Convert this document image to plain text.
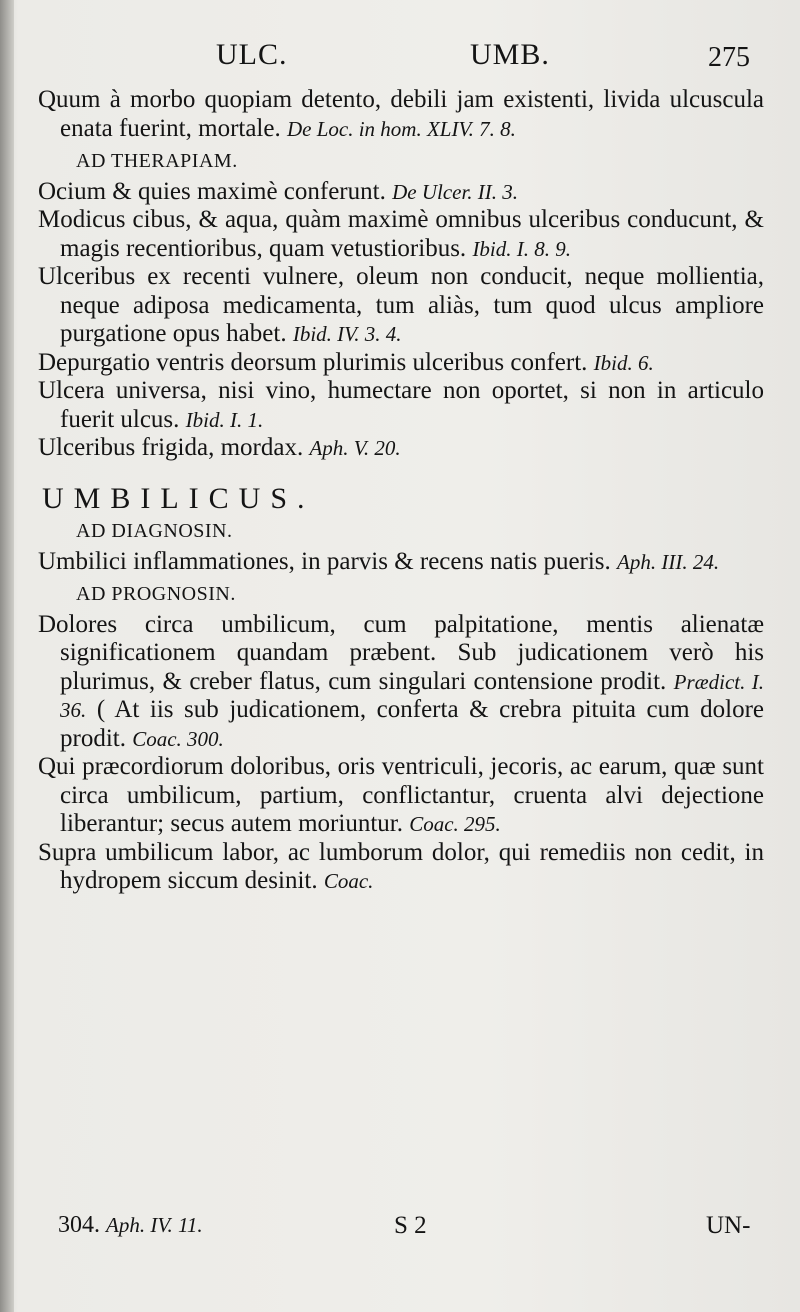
ULC.	UMB.	275
Quum à morbo quopiam detento, debili jam existenti, livida ulcuscula enata fuerint, mortale. De Loc. in hom. XLIV. 7. 8.
AD THERAPIAM.
Ocium & quies maximè conferunt. De Ulcer. II. 3.
Modicus cibus, & aqua, quàm maximè omnibus ulceribus conducunt, & magis recentioribus, quam vetustioribus. Ibid. I. 8. 9.
Ulceribus ex recenti vulnere, oleum non conducit, neque mollientia, neque adiposa medicamenta, tum aliàs, tum quod ulcus ampliore purgatione opus habet. Ibid. IV. 3. 4.
Depurgatio ventris deorsum plurimis ulceribus confert. Ibid. 6.
Ulcera universa, nisi vino, humectare non oportet, si non in articulo fuerit ulcus. Ibid. I. 1.
Ulceribus frigida, mordax. Aph. V. 20.
UMBILICUS.
AD DIAGNOSIN.
Umbilici inflammationes, in parvis & recens natis pueris. Aph. III. 24.
AD PROGNOSIN.
Dolores circa umbilicum, cum palpitatione, mentis alienatæ significationem quandam præbent. Sub judicationem verò his plurimus, & creber flatus, cum singulari contensione prodit. Prædict. I. 36. ( At iis sub judicationem, conferta & crebra pituita cum dolore prodit. Coac. 300.
Qui præcordiorum doloribus, oris ventriculi, jecoris, ac earum, quæ sunt circa umbilicum, partium, conflictantur, cruenta alvi dejectione liberantur; secus autem moriuntur. Coac. 295.
Supra umbilicum labor, ac lumborum dolor, qui remediis non cedit, in hydropem siccum desinit. Coac.
304. Aph. IV. 11.	S 2	UN-
